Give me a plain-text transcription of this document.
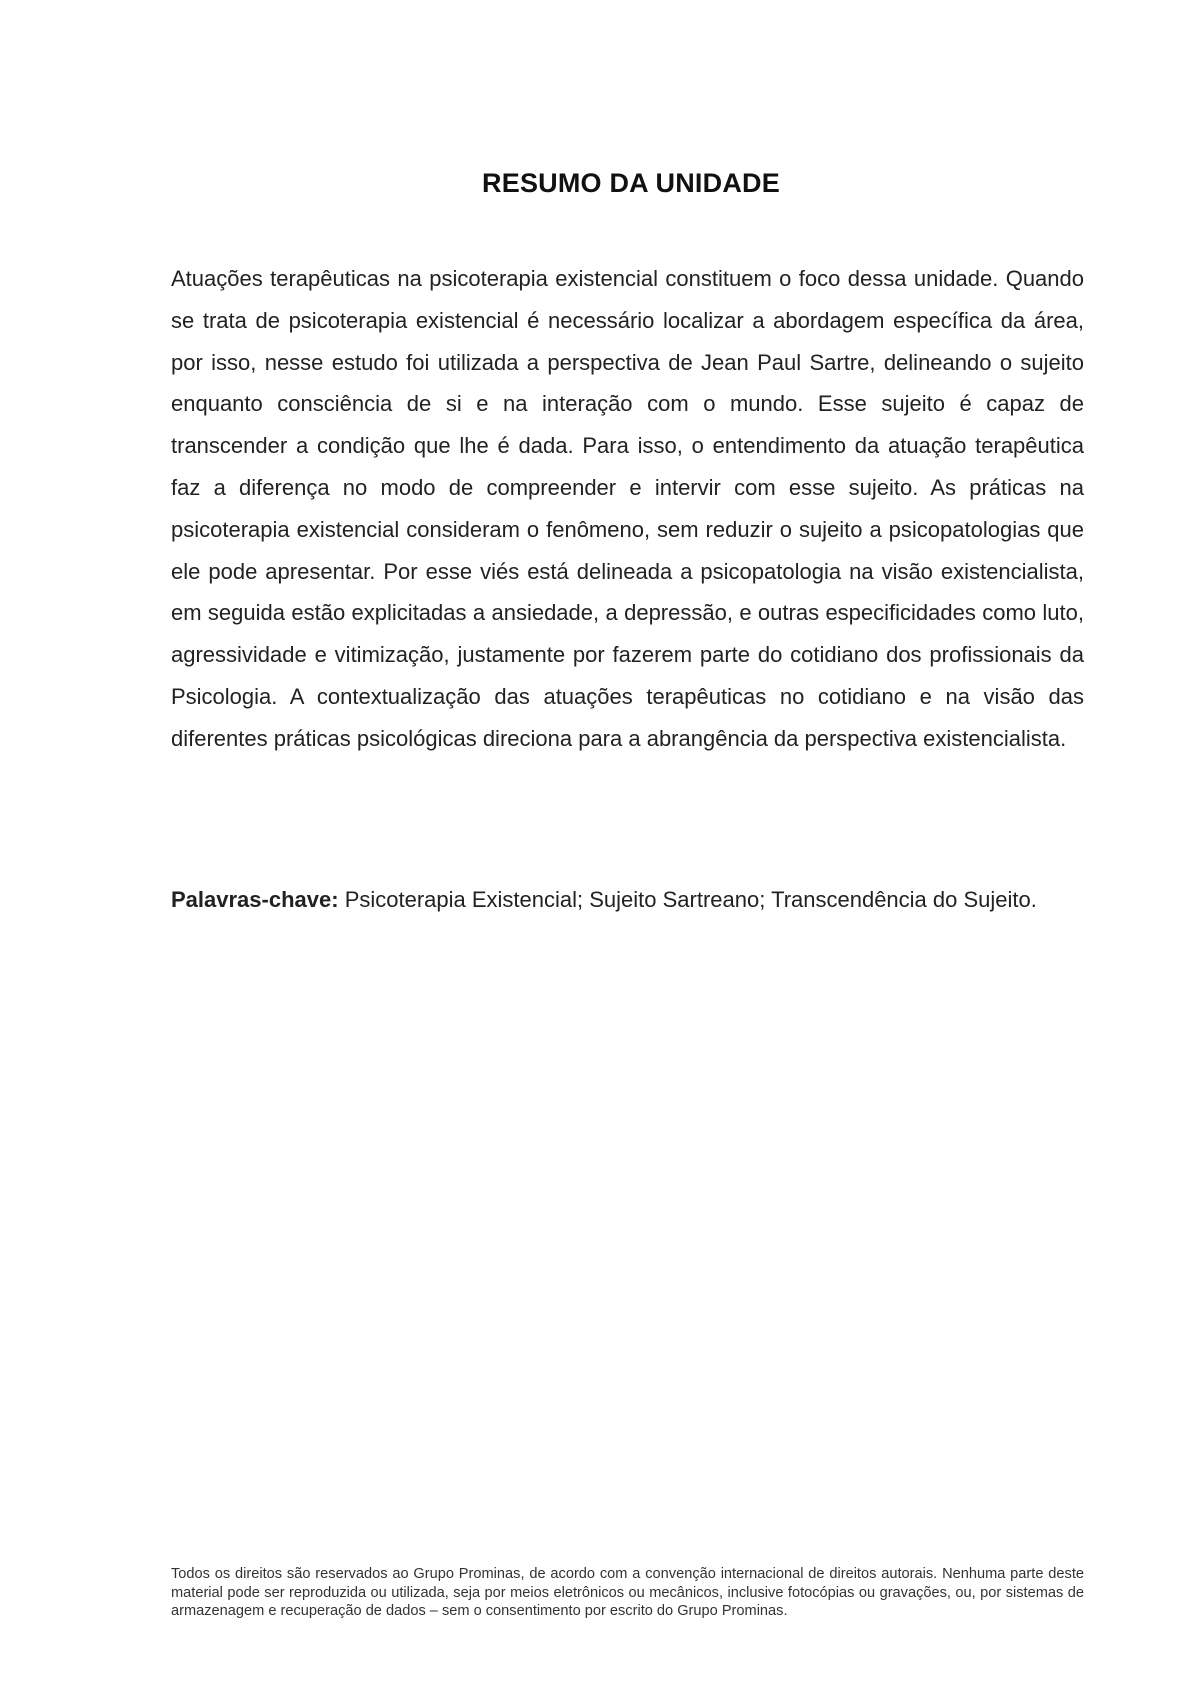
RESUMO DA UNIDADE

Atuações terapêuticas na psicoterapia existencial constituem o foco dessa unidade. Quando se trata de psicoterapia existencial é necessário localizar a abordagem específica da área, por isso, nesse estudo foi utilizada a perspectiva de Jean Paul Sartre, delineando o sujeito enquanto consciência de si e na interação com o mundo. Esse sujeito é capaz de transcender a condição que lhe é dada. Para isso, o entendimento da atuação terapêutica faz a diferença no modo de compreender e intervir com esse sujeito. As práticas na psicoterapia existencial consideram o fenômeno, sem reduzir o sujeito a psicopatologias que ele pode apresentar. Por esse viés está delineada a psicopatologia na visão existencialista, em seguida estão explicitadas a ansiedade, a depressão, e outras especificidades como luto, agressividade e vitimização, justamente por fazerem parte do cotidiano dos profissionais da Psicologia. A contextualização das atuações terapêuticas no cotidiano e na visão das diferentes práticas psicológicas direciona para a abrangência da perspectiva existencialista.

Palavras-chave: Psicoterapia Existencial; Sujeito Sartreano; Transcendência do Sujeito.

Todos os direitos são reservados ao Grupo Prominas, de acordo com a convenção internacional de direitos autorais. Nenhuma parte deste material pode ser reproduzida ou utilizada, seja por meios eletrônicos ou mecânicos, inclusive fotocópias ou gravações, ou, por sistemas de armazenagem e recuperação de dados – sem o consentimento por escrito do Grupo Prominas.
